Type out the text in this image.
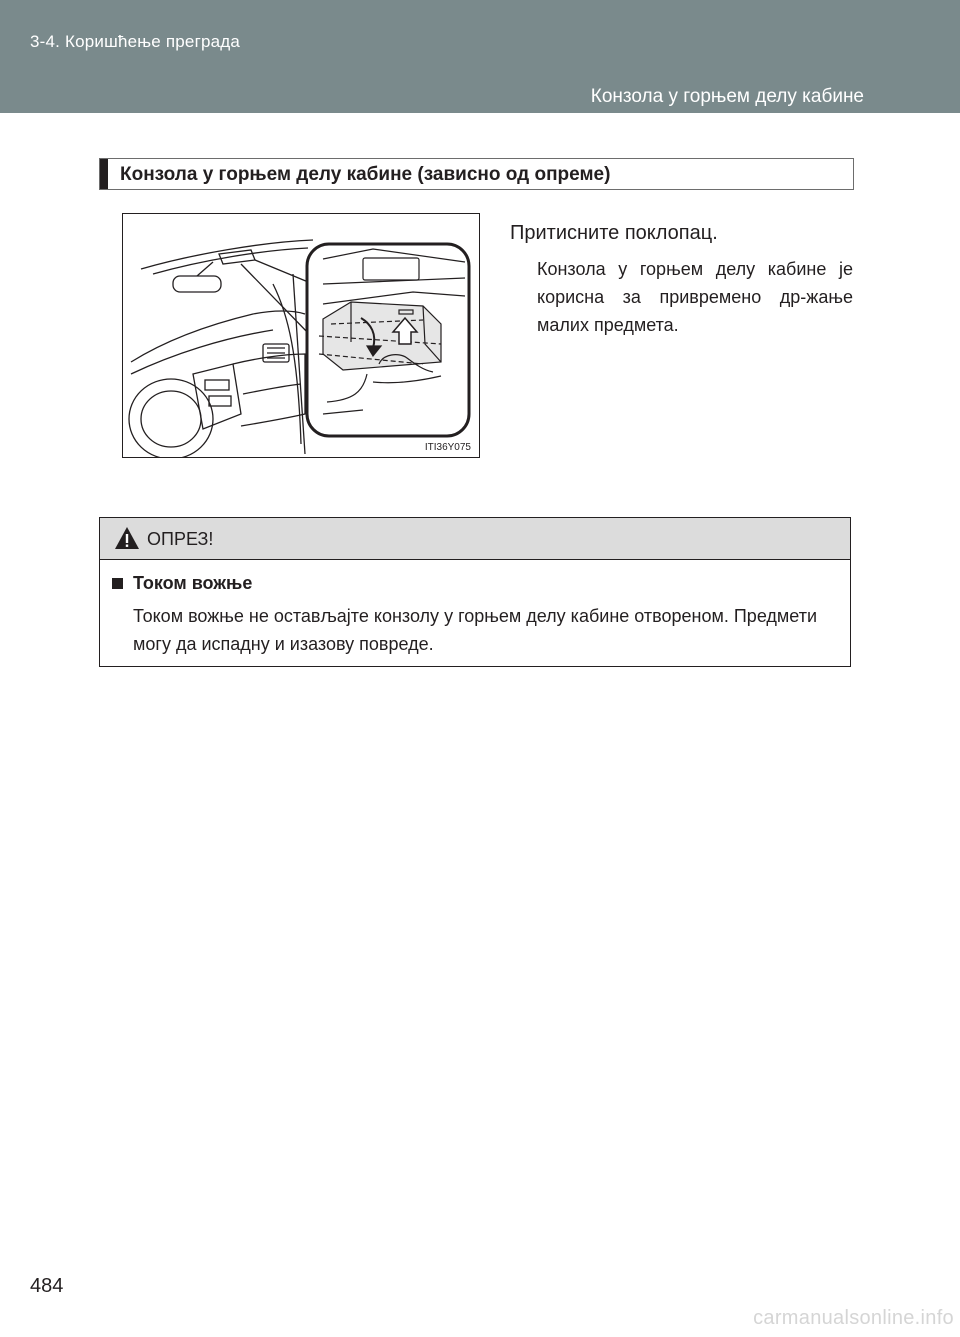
3-4. Коришћење преграда
Конзола у горњем делу кабине
Конзола у горњем делу кабине (зависно од опреме)
ITI36Y075
Притисните поклопац.
Конзола у горњем делу кабине је корисна за привремено др-жање малих предмета.
ОПРЕЗ!
Током вожње
Током вожње не остављајте конзолу у горњем делу кабине отвореном. Предмети могу да испадну и изазову повреде.
484
carmanualsonline.info
